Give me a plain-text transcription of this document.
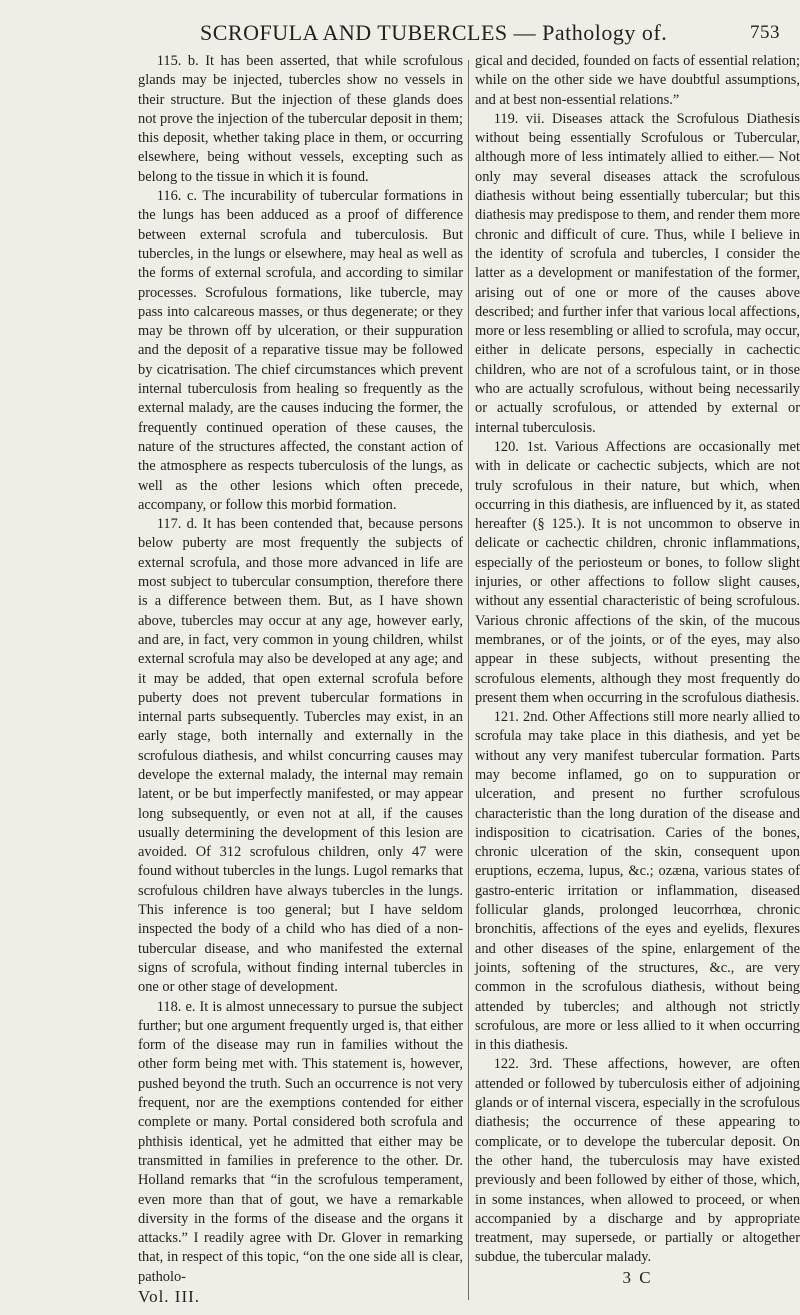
SCROFULA AND TUBERCLES — Pathology of.	753

115. b. It has been asserted, that while scrofulous glands may be injected, tubercles show no vessels in their structure. But the injection of these glands does not prove the injection of the tubercular deposit in them; this deposit, whether taking place in them, or occurring elsewhere, being without vessels, excepting such as belong to the tissue in which it is found.

116. c. The incurability of tubercular formations in the lungs has been adduced as a proof of difference between external scrofula and tuberculosis. But tubercles, in the lungs or elsewhere, may heal as well as the forms of external scrofula, and according to similar processes. Scrofulous formations, like tubercle, may pass into calcareous masses, or thus degenerate; or they may be thrown off by ulceration, or their suppuration and the deposit of a reparative tissue may be followed by cicatrisation. The chief circumstances which prevent internal tuberculosis from healing so frequently as the external malady, are the causes inducing the former, the frequently continued operation of these causes, the nature of the structures affected, the constant action of the atmosphere as respects tuberculosis of the lungs, as well as the other lesions which often precede, accompany, or follow this morbid formation.

117. d. It has been contended that, because persons below puberty are most frequently the subjects of external scrofula, and those more advanced in life are most subject to tubercular consumption, therefore there is a difference between them. But, as I have shown above, tubercles may occur at any age, however early, and are, in fact, very common in young children, whilst external scrofula may also be developed at any age; and it may be added, that open external scrofula before puberty does not prevent tubercular formations in internal parts subsequently. Tubercles may exist, in an early stage, both internally and externally in the scrofulous diathesis, and whilst concurring causes may develope the external malady, the internal may remain latent, or be but imperfectly manifested, or may appear long subsequently, or even not at all, if the causes usually determining the development of this lesion are avoided. Of 312 scrofulous children, only 47 were found without tubercles in the lungs. Lugol remarks that scrofulous children have always tubercles in the lungs. This inference is too general; but I have seldom inspected the body of a child who has died of a non-tubercular disease, and who manifested the external signs of scrofula, without finding internal tubercles in one or other stage of development.

118. e. It is almost unnecessary to pursue the subject further; but one argument frequently urged is, that either form of the disease may run in families without the other form being met with. This statement is, however, pushed beyond the truth. Such an occurrence is not very frequent, nor are the exemptions contended for either complete or many. Portal considered both scrofula and phthisis identical, yet he admitted that either may be transmitted in families in preference to the other. Dr. Holland remarks that “in the scrofulous temperament, even more than that of gout, we have a remarkable diversity in the forms of the disease and the organs it attacks.” I readily agree with Dr. Glover in remarking that, in respect of this topic, “on the one side all is clear, patholo-

Vol. III.

gical and decided, founded on facts of essential relation; while on the other side we have doubtful assumptions, and at best non-essential relations.”

119. vii. Diseases attack the Scrofulous Diathesis without being essentially Scrofulous or Tubercular, although more of less intimately allied to either.— Not only may several diseases attack the scrofulous diathesis without being essentially tubercular; but this diathesis may predispose to them, and render them more chronic and difficult of cure. Thus, while I believe in the identity of scrofula and tubercles, I consider the latter as a development or manifestation of the former, arising out of one or more of the causes above described; and further infer that various local affections, more or less resembling or allied to scrofula, may occur, either in delicate persons, especially in cachectic children, who are not of a scrofulous taint, or in those who are actually scrofulous, without being necessarily or actually scrofulous, or attended by external or internal tuberculosis.

120. 1st. Various Affections are occasionally met with in delicate or cachectic subjects, which are not truly scrofulous in their nature, but which, when occurring in this diathesis, are influenced by it, as stated hereafter (§ 125.). It is not uncommon to observe in delicate or cachectic children, chronic inflammations, especially of the periosteum or bones, to follow slight injuries, or other affections to follow slight causes, without any essential characteristic of being scrofulous. Various chronic affections of the skin, of the mucous membranes, or of the joints, or of the eyes, may also appear in these subjects, without presenting the scrofulous elements, although they most frequently do present them when occurring in the scrofulous diathesis.

121. 2nd. Other Affections still more nearly allied to scrofula may take place in this diathesis, and yet be without any very manifest tubercular formation. Parts may become inflamed, go on to suppuration or ulceration, and present no further scrofulous characteristic than the long duration of the disease and indisposition to cicatrisation. Caries of the bones, chronic ulceration of the skin, consequent upon eruptions, eczema, lupus, &c.; ozæna, various states of gastro-enteric irritation or inflammation, diseased follicular glands, prolonged leucorrhœa, chronic bronchitis, affections of the eyes and eyelids, flexures and other diseases of the spine, enlargement of the joints, softening of the structures, &c., are very common in the scrofulous diathesis, without being attended by tubercles; and although not strictly scrofulous, are more or less allied to it when occurring in this diathesis.

122. 3rd. These affections, however, are often attended or followed by tuberculosis either of adjoining glands or of internal viscera, especially in the scrofulous diathesis; the occurrence of these appearing to complicate, or to develope the tubercular deposit. On the other hand, the tuberculosis may have existed previously and been followed by either of those, which, in some instances, when allowed to proceed, or when accompanied by a discharge and by appropriate treatment, may supersede, or partially or altogether subdue, the tubercular malady.

3 C
